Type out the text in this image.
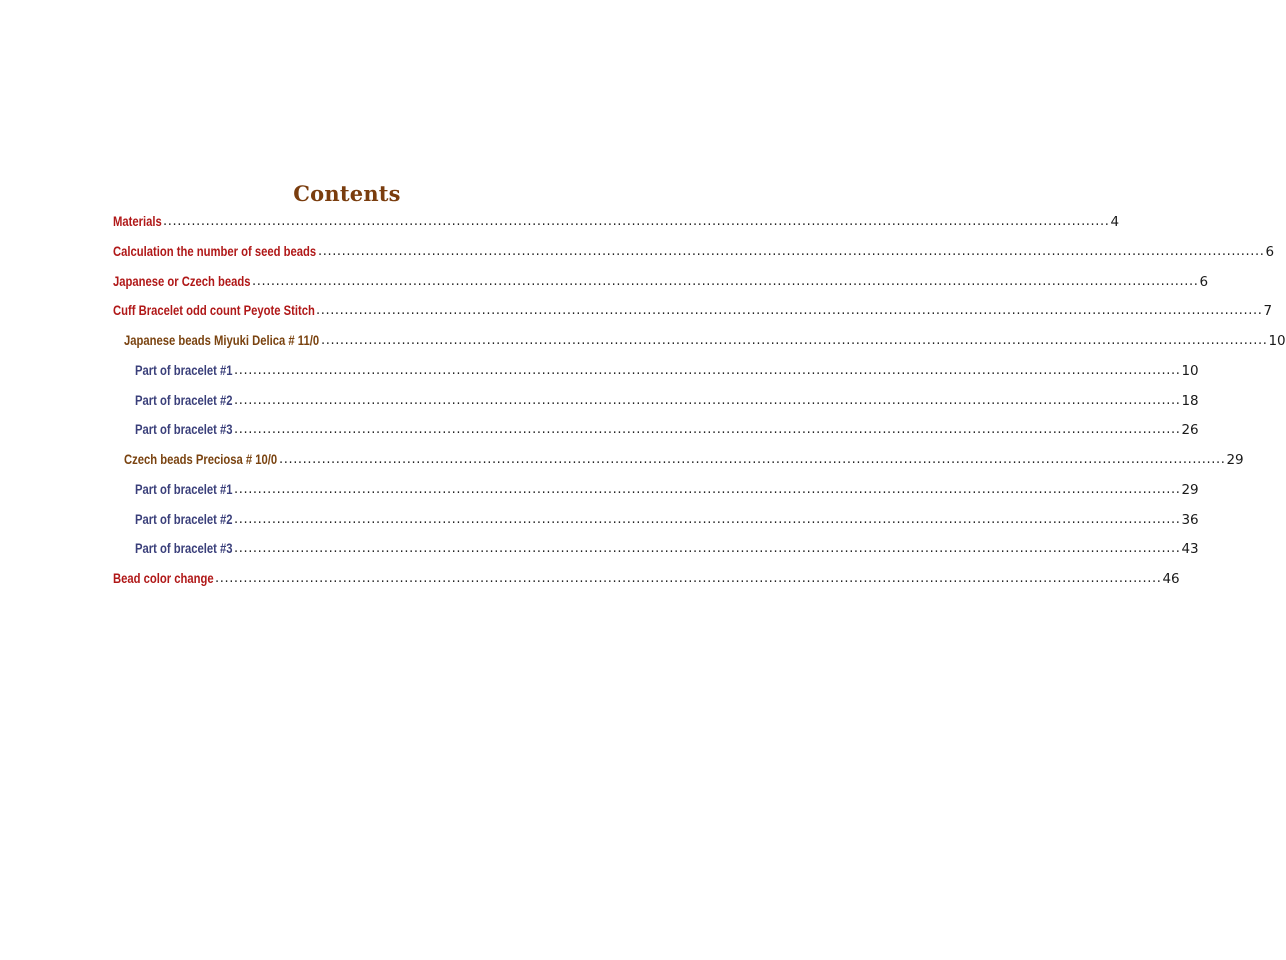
Contents
Materials ........................................................................................................................................................................................................ 4
Calculation the number of seed beads ........................................................................................................................................................................................................ 6
Japanese or Czech beads ........................................................................................................................................................................................................ 6
Cuff Bracelet odd count Peyote Stitch ........................................................................................................................................................................................................ 7
Japanese beads Miyuki Delica # 11/0 ........................................................................................................................................................................................................ 10
Part of bracelet #1 ........................................................................................................................................................................................................ 10
Part of bracelet #2 ........................................................................................................................................................................................................ 18
Part of bracelet #3 ........................................................................................................................................................................................................ 26
Czech beads Preciosa # 10/0 ........................................................................................................................................................................................................ 29
Part of bracelet #1 ........................................................................................................................................................................................................ 29
Part of bracelet #2 ........................................................................................................................................................................................................ 36
Part of bracelet #3 ........................................................................................................................................................................................................ 43
Bead color change ........................................................................................................................................................................................................ 46
